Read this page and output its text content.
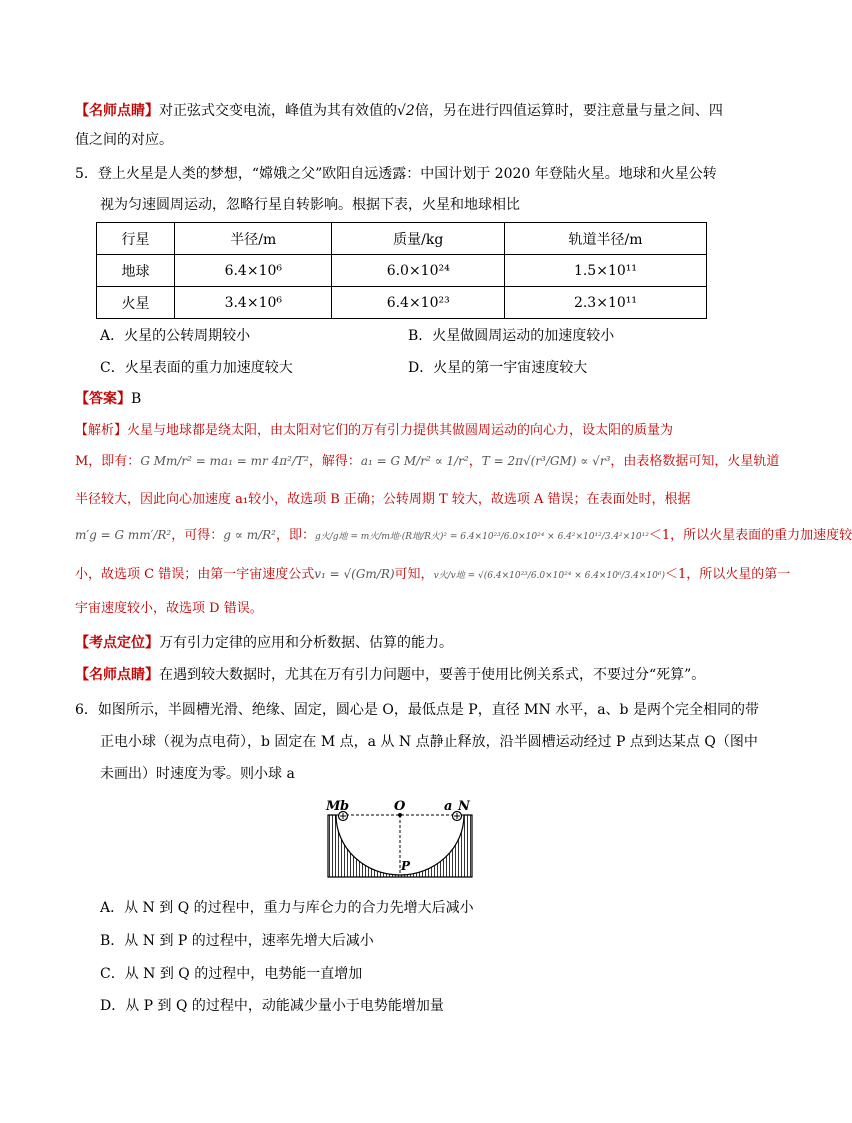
【名师点睛】对正弦式交变电流，峰值为其有效值的√2倍，另在进行四值运算时，要注意量与量之间、四
值之间的对应。
5．登上火星是人类的梦想，“嫦娥之父”欧阳自远透露：中国计划于 2020 年登陆火星。地球和火星公转
视为匀速圆周运动，忽略行星自转影响。根据下表，火星和地球相比
行星	半径/m	质量/kg	轨道半径/m
地球	6.4×10⁶	6.0×10²⁴	1.5×10¹¹
火星	3.4×10⁶	6.4×10²³	2.3×10¹¹
A．火星的公转周期较小	B．火星做圆周运动的加速度较小
C．火星表面的重力加速度较大	D．火星的第一宇宙速度较大
【答案】B
【解析】火星与地球都是绕太阳，由太阳对它们的万有引力提供其做圆周运动的向心力，设太阳的质量为
M，即有：G Mm/r² = ma₁ = mr 4π²/T²，解得：a₁ = G M/r² ∝ 1/r²，T = 2π√(r³/GM) ∝ √r³，由表格数据可知，火星轨道
半径较大，因此向心加速度 a₁较小，故选项 B 正确；公转周期 T 较大，故选项 A 错误；在表面处时，根据
m′g = G mm′/R²，可得：g ∝ m/R²，即：g火/g地 = m火/m地·(R地/R火)² = 6.4×10²³/6.0×10²⁴ × 6.4²×10¹²/3.4²×10¹²＜1，所以火星表面的重力加速度较
小，故选项 C 错误；由第一宇宙速度公式v₁ = √(Gm/R)可知，v火/v地 = √(6.4×10²³/6.0×10²⁴ × 6.4×10⁶/3.4×10⁶)＜1，所以火星的第一
宇宙速度较小，故选项 D 错误。
【考点定位】万有引力定律的应用和分析数据、估算的能力。
【名师点睛】在遇到较大数据时，尤其在万有引力问题中，要善于使用比例关系式，不要过分“死算”。
6．如图所示，半圆槽光滑、绝缘、固定，圆心是 O，最低点是 P，直径 MN 水平，a、b 是两个完全相同的带
正电小球（视为点电荷），b 固定在 M 点，a 从 N 点静止释放，沿半圆槽运动经过 P 点到达某点 Q（图中
未画出）时速度为零。则小球 a
M b	O	a N
P
A．从 N 到 Q 的过程中，重力与库仑力的合力先增大后减小
B．从 N 到 P 的过程中，速率先增大后减小
C．从 N 到 Q 的过程中，电势能一直增加
D．从 P 到 Q 的过程中，动能减少量小于电势能增加量
